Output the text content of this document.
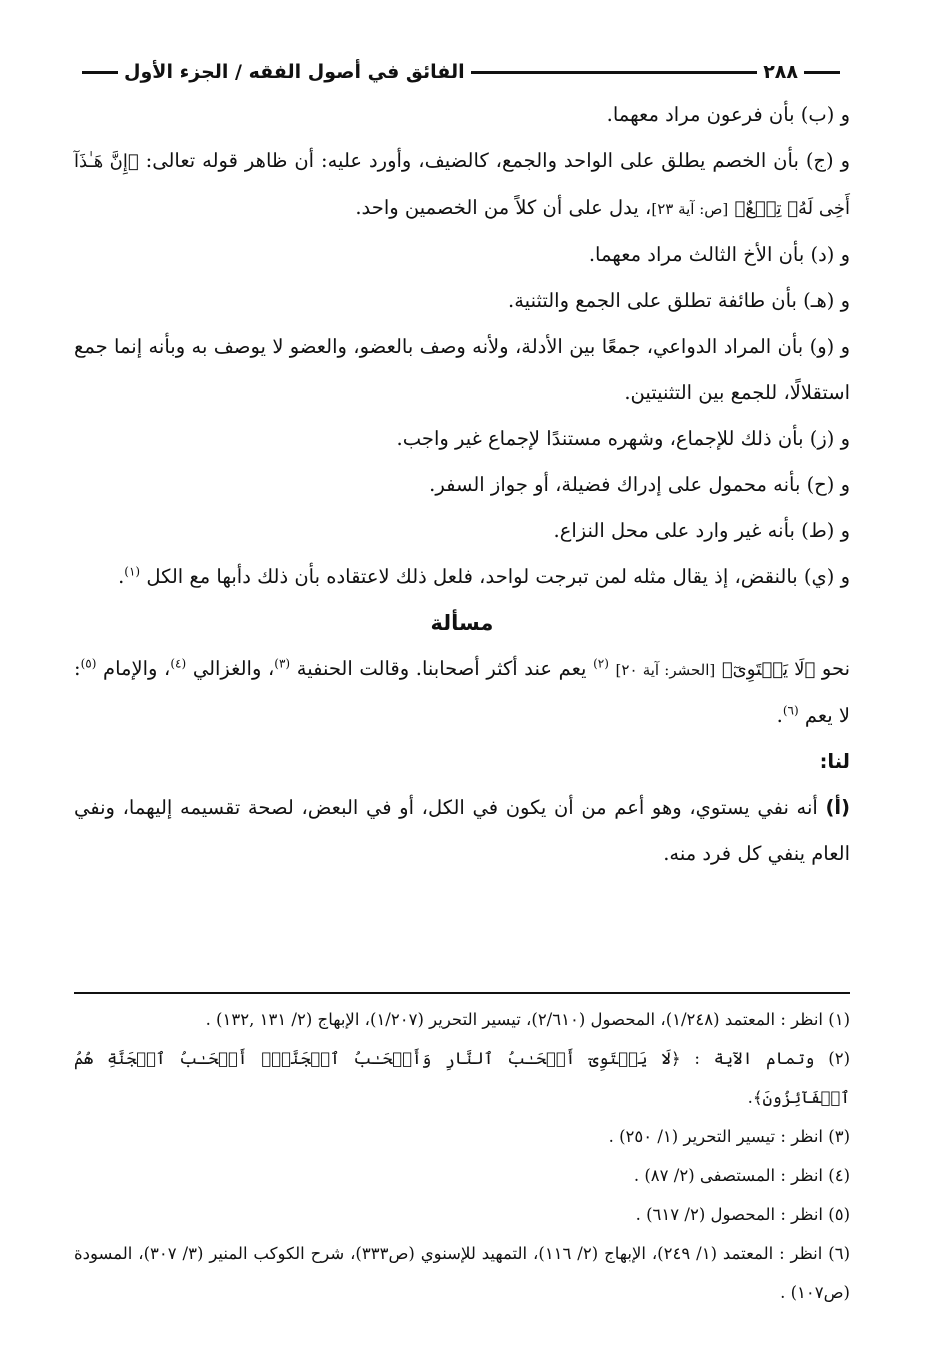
٢٨٨
الفائق في أصول الفقه / الجزء الأول

و (ب) بأن فرعون مراد معهما.

و (ج) بأن الخصم يطلق على الواحد والجمع، كالضيف، وأورد عليه: أن ظاهر قوله تعالى: ﴿إِنَّ هَـٰذَآ أَخِى لَهُۥ تِسۡعٌ﴾ [ص: آية ٢٣]، يدل على أن كلاً من الخصمين واحد.

و (د) بأن الأخ الثالث مراد معهما.

و (هـ) بأن طائفة تطلق على الجمع والتثنية.

و (و) بأن المراد الدواعي، جمعًا بين الأدلة، ولأنه وصف بالعضو، والعضو لا يوصف به وبأنه إنما جمع استقلالًا، للجمع بين التثنيتين.

و (ز) بأن ذلك للإجماع، وشهره مستندًا لإجماع غير واجب.

و (ح) بأنه محمول على إدراك فضيلة، أو جواز السفر.

و (ط) بأنه غير وارد على محل النزاع.

و (ي) بالنقض، إذ يقال مثله لمن تبرجت لواحد، فلعل ذلك لاعتقاده بأن ذلك دأبها مع الكل $^{(١)}$.

مسألة

نحو ﴿لَا يَسۡتَوِىٓ﴾ [الحشر: آية ٢٠] $^{(٢)}$ يعم عند أكثر أصحابنا. وقالت الحنفية $^{(٣)}$، والغزالي $^{(٤)}$، والإمام $^{(٥)}$: لا يعم $^{(٦)}$.

لنا:

(أ) أنه نفي يستوي، وهو أعم من أن يكون في الكل، أو في البعض، لصحة تقسيمه إليهما، ونفي العام ينفي كل فرد منه.

(١) انظر : المعتمد (١/٢٤٨)، المحصول (٢/٦١٠)، تيسير التحرير (١/٢٠٧)، الإبهاج (٢/ ١٣١ ,١٣٢) .

(٢) وتمام الآية : ﴿لَا يَسۡتَوِىٓ أَصۡحَـٰبُ ٱلنَّارِ وَأَصۡحَـٰبُ ٱلۡجَنَّةِۚ أَصۡحَـٰبُ ٱلۡجَنَّةِ هُمُ ٱلۡفَآئِزُونَ﴾.

(٣) انظر : تيسير التحرير (١/ ٢٥٠) .

(٤) انظر : المستصفى (٢/ ٨٧) .

(٥) انظر : المحصول (٢/ ٦١٧) .

(٦) انظر : المعتمد (١/ ٢٤٩)، الإبهاج (٢/ ١١٦)، التمهيد للإسنوي (ص٣٣٣)، شرح الكوكب المنير (٣/ ٣٠٧)، المسودة (ص١٠٧) .
